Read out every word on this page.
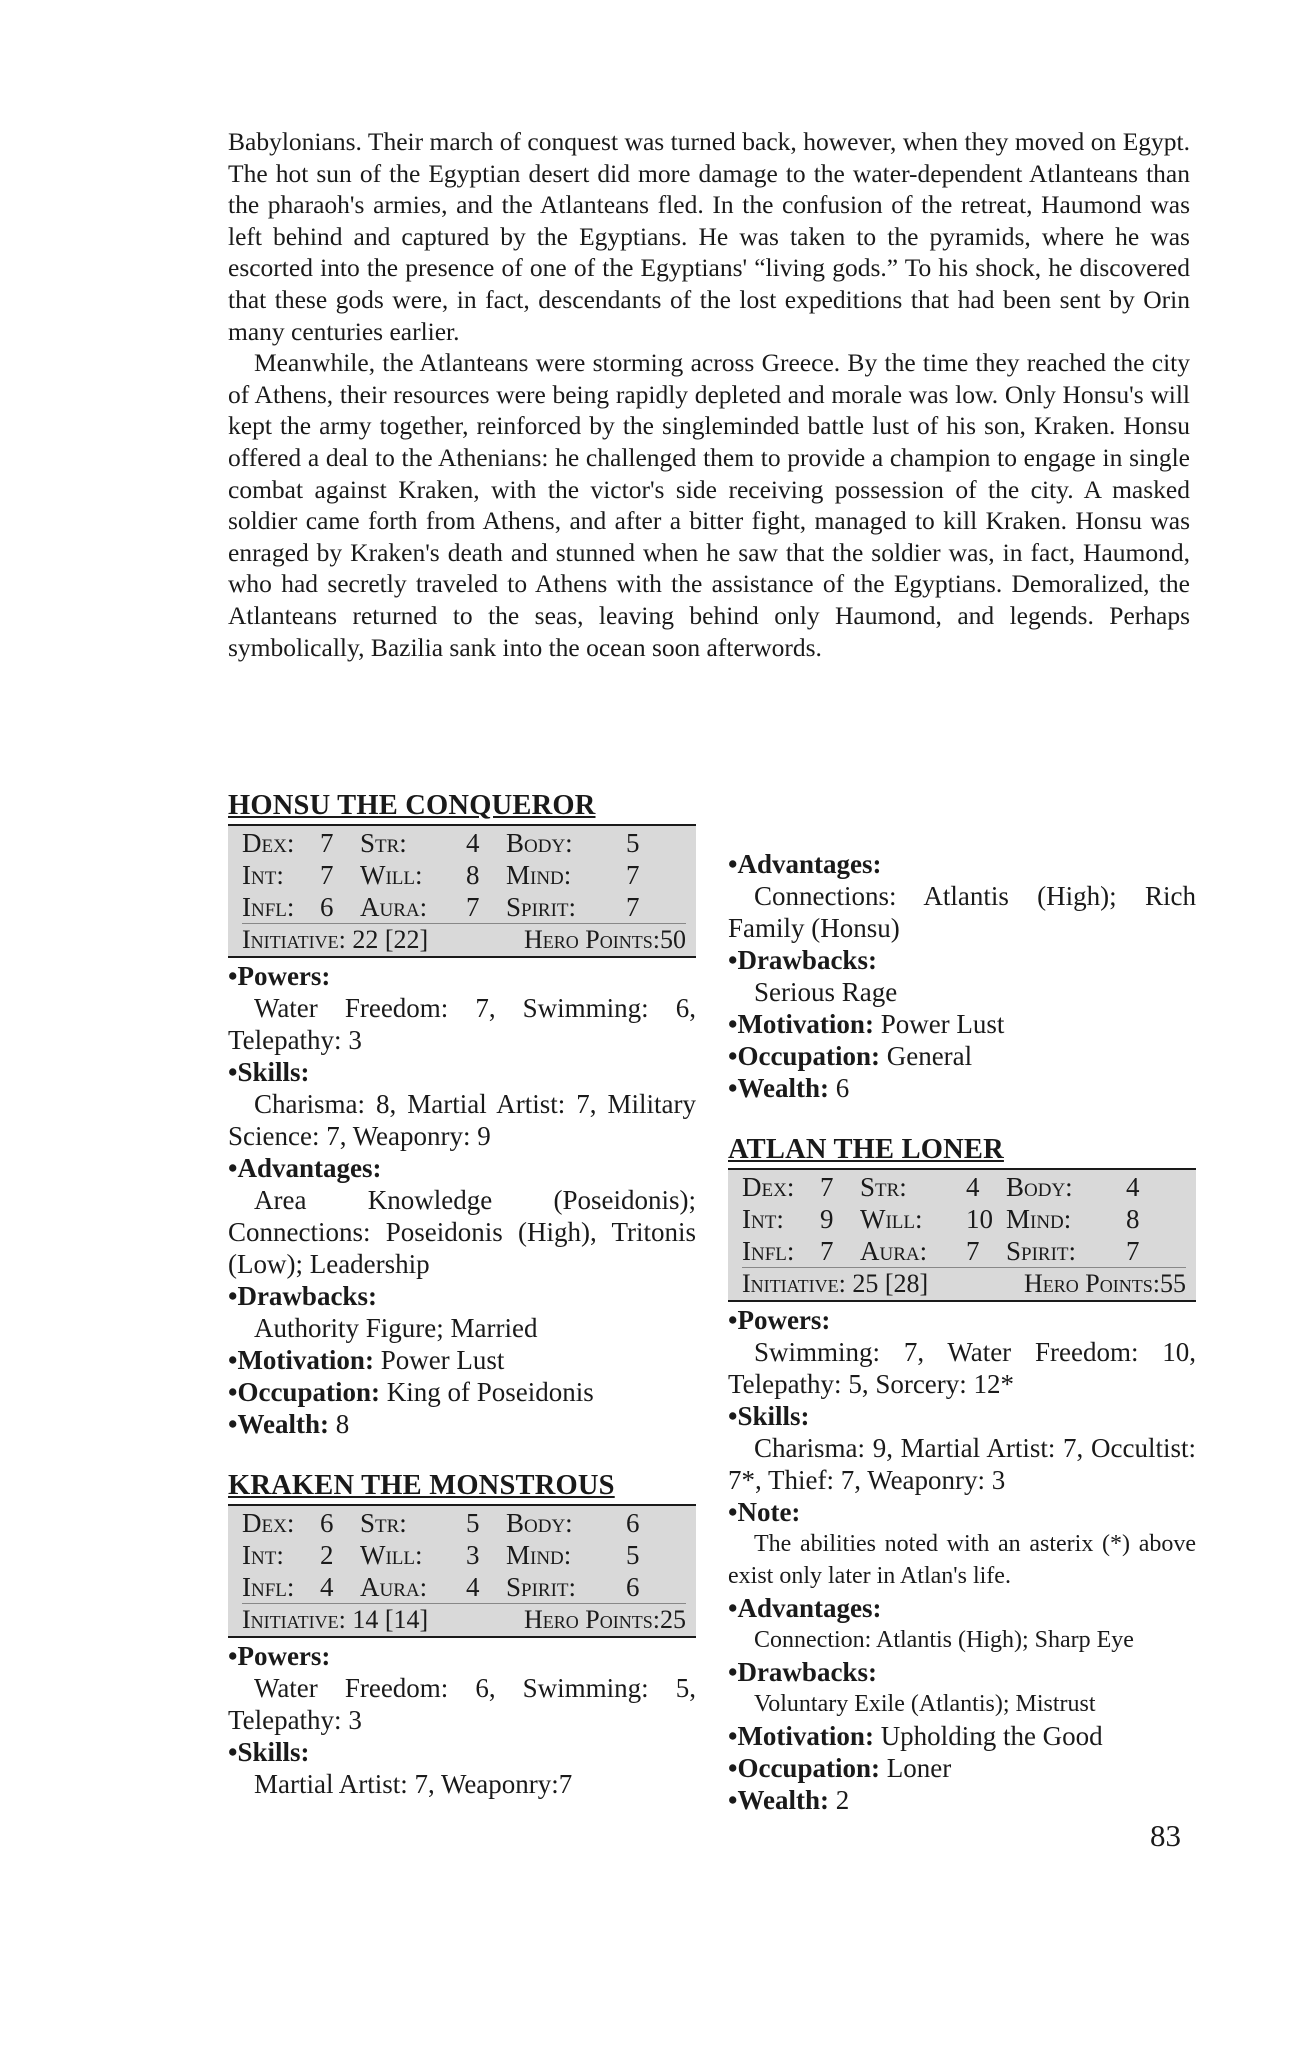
Babylonians. Their march of conquest was turned back, however, when they moved on Egypt. The hot sun of the Egyptian desert did more damage to the water-dependent Atlanteans than the pharaoh's armies, and the Atlanteans fled. In the confusion of the retreat, Haumond was left behind and captured by the Egyptians. He was taken to the pyramids, where he was escorted into the presence of one of the Egyptians' “living gods.” To his shock, he discovered that these gods were, in fact, descendants of the lost expeditions that had been sent by Orin many centuries earlier.

Meanwhile, the Atlanteans were storming across Greece. By the time they reached the city of Athens, their resources were being rapidly depleted and morale was low. Only Honsu's will kept the army together, reinforced by the singleminded battle lust of his son, Kraken. Honsu offered a deal to the Athenians: he challenged them to provide a champion to engage in single combat against Kraken, with the victor's side receiving possession of the city. A masked soldier came forth from Athens, and after a bitter fight, managed to kill Kraken. Honsu was enraged by Kraken's death and stunned when he saw that the soldier was, in fact, Haumond, who had secretly traveled to Athens with the assistance of the Egyptians. Demoralized, the Atlanteans returned to the seas, leaving behind only Haumond, and legends. Perhaps symbolically, Bazilia sank into the ocean soon afterwords.

HONSU THE CONQUEROR
Dex: 7 Str:	4 Body:	5
Int:	7 Will:	8 Mind:	7
Infl: 6 Aura:	7 Spirit:	7
Initiative: 22 [22]	Hero Points:50

•Powers:

Water Freedom: 7, Swimming: 6, Telepathy: 3

•Skills:

Charisma: 8, Martial Artist: 7, Military Science: 7, Weaponry: 9

•Advantages:

Area Knowledge (Poseidonis); Connections: Poseidonis (High), Tritonis (Low); Leadership

•Drawbacks:

Authority Figure; Married

•Motivation: Power Lust

•Occupation: King of Poseidonis

•Wealth: 8

KRAKEN THE MONSTROUS
Dex: 6 Str:	5 Body:	6
Int:	2 Will:	3 Mind:	5
Infl: 4 Aura:	4 Spirit:	6
Initiative: 14 [14]	Hero Points:25

•Powers:

Water Freedom: 6, Swimming: 5, Telepathy: 3

•Skills:

Martial Artist: 7, Weaponry:7

•Advantages:

Connections: Atlantis (High); Rich Family (Honsu)

•Drawbacks:

Serious Rage

•Motivation: Power Lust

•Occupation: General

•Wealth: 6

ATLAN THE LONER
Dex: 7 Str:	4 Body:	4
Int:	9 Will:	10 Mind:	8
Infl: 7 Aura:	7 Spirit:	7
Initiative: 25 [28]	Hero Points:55

•Powers:

Swimming: 7, Water Freedom: 10, Telepathy: 5, Sorcery: 12*

•Skills:

Charisma: 9, Martial Artist: 7, Occultist: 7*, Thief: 7, Weaponry: 3

•Note:

The abilities noted with an asterix (*) above exist only later in Atlan's life.

•Advantages:

Connection: Atlantis (High); Sharp Eye

•Drawbacks:

Voluntary Exile (Atlantis); Mistrust

•Motivation: Upholding the Good

•Occupation: Loner

•Wealth: 2

83
